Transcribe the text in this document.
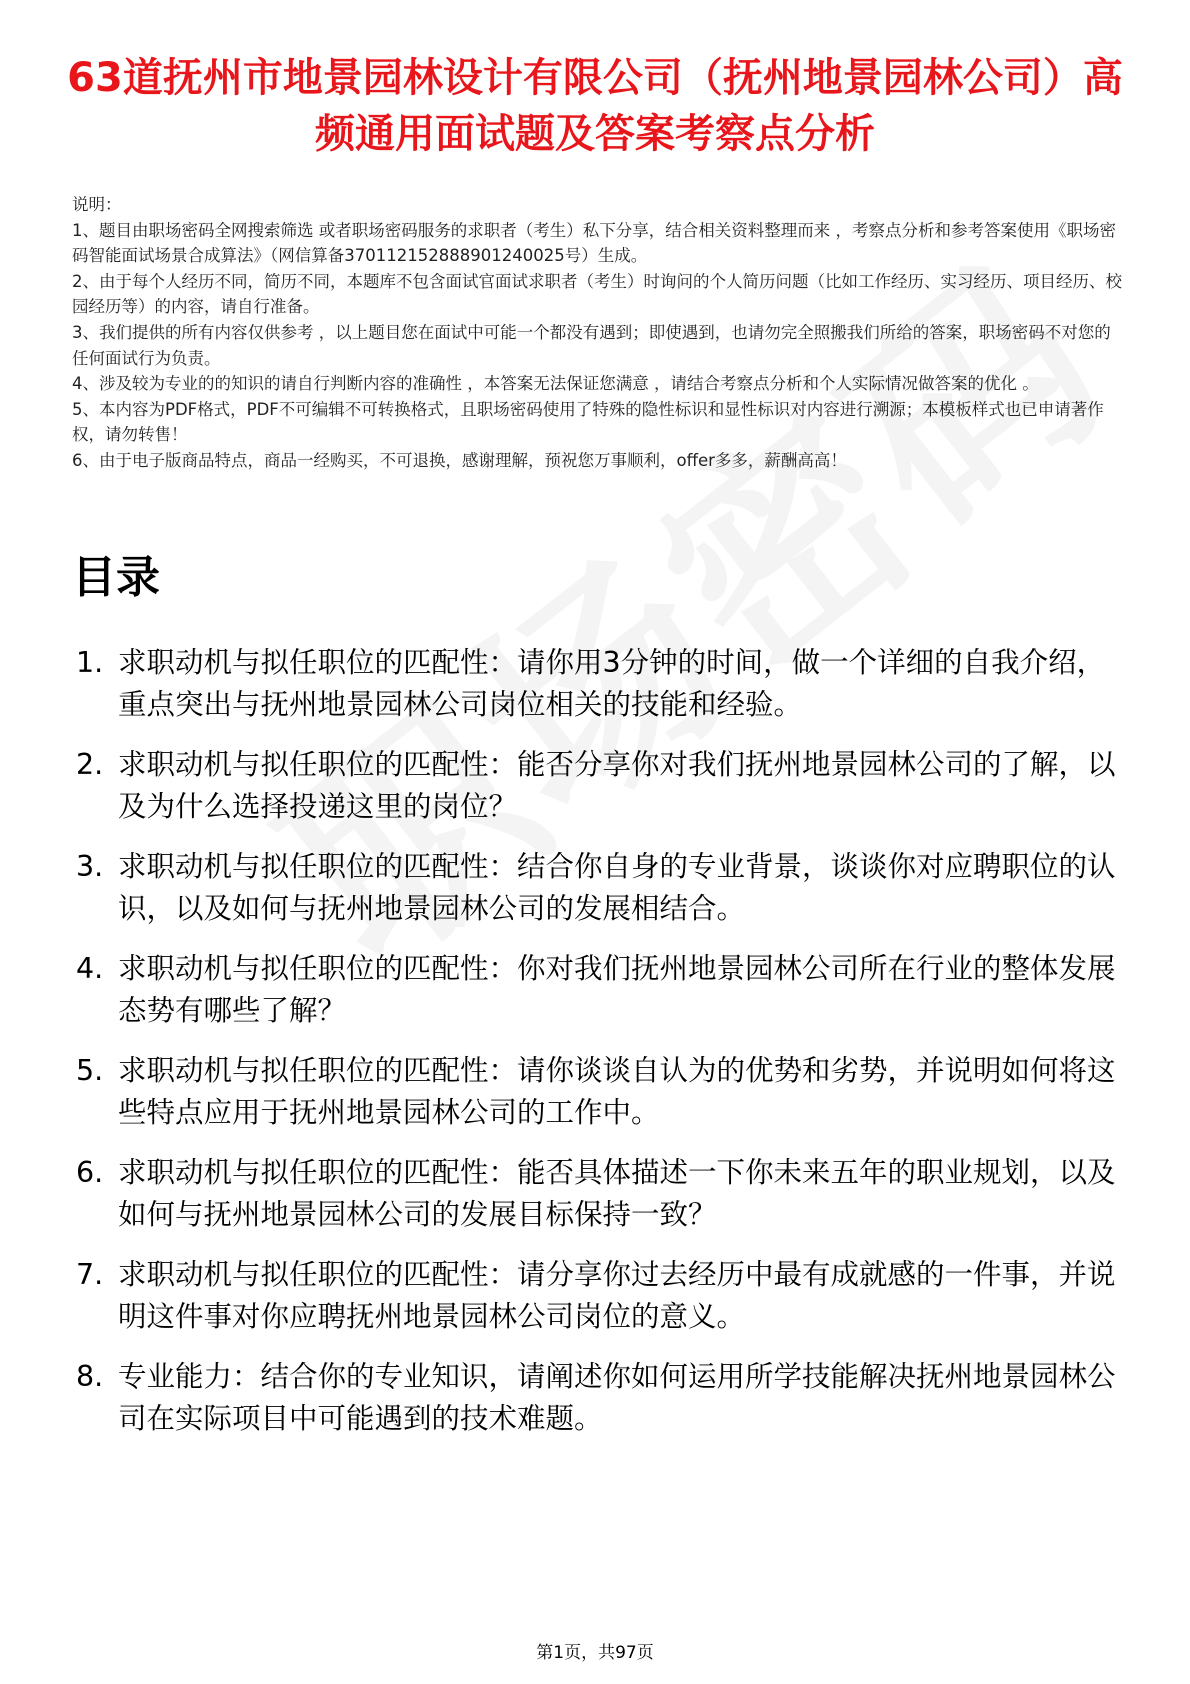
63道抚州市地景园林设计有限公司（抚州地景园林公司）高频通用面试题及答案考察点分析

说明：

1、题目由职场密码全网搜索筛选 或者职场密码服务的求职者（考生）私下分享，结合相关资料整理而来 ，考察点分析和参考答案使用《职场密码智能面试场景合成算法》（网信算备370112152888901240025号）生成。

2、由于每个人经历不同，简历不同，本题库不包含面试官面试求职者（考生）时询问的个人简历问题（比如工作经历、实习经历、项目经历、校园经历等）的内容，请自行准备。

3、我们提供的所有内容仅供参考 ，以上题目您在面试中可能一个都没有遇到；即使遇到，也请勿完全照搬我们所给的答案，职场密码不对您的任何面试行为负责。

4、涉及较为专业的的知识的请自行判断内容的准确性 ，本答案无法保证您满意 ，请结合考察点分析和个人实际情况做答案的优化 。

5、本内容为PDF格式，PDF不可编辑不可转换格式，且职场密码使用了特殊的隐性标识和显性标识对内容进行溯源；本模板样式也已申请著作权，请勿转售！

6、由于电子版商品特点，商品一经购买，不可退换，感谢理解，预祝您万事顺利，offer多多，薪酬高高！

目录
1. 求职动机与拟任职位的匹配性：请你用3分钟的时间，做一个详细的自我介绍，重点突出与抚州地景园林公司岗位相关的技能和经验。
2. 求职动机与拟任职位的匹配性：能否分享你对我们抚州地景园林公司的了解，以及为什么选择投递这里的岗位？
3. 求职动机与拟任职位的匹配性：结合你自身的专业背景，谈谈你对应聘职位的认识，以及如何与抚州地景园林公司的发展相结合。
4. 求职动机与拟任职位的匹配性：你对我们抚州地景园林公司所在行业的整体发展态势有哪些了解？
5. 求职动机与拟任职位的匹配性：请你谈谈自认为的优势和劣势，并说明如何将这些特点应用于抚州地景园林公司的工作中。
6. 求职动机与拟任职位的匹配性：能否具体描述一下你未来五年的职业规划，以及如何与抚州地景园林公司的发展目标保持一致？
7. 求职动机与拟任职位的匹配性：请分享你过去经历中最有成就感的一件事，并说明这件事对你应聘抚州地景园林公司岗位的意义。
8. 专业能力：结合你的专业知识，请阐述你如何运用所学技能解决抚州地景园林公司在实际项目中可能遇到的技术难题。
第1页，共97页
